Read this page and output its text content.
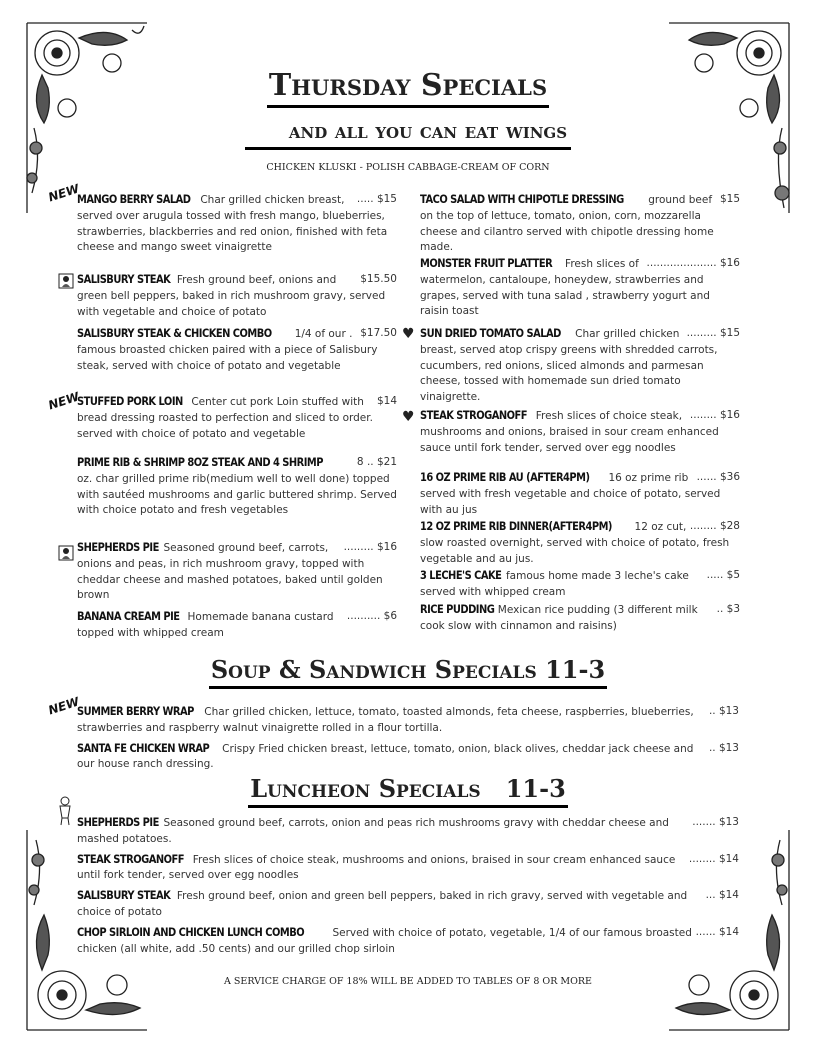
Thursday Specials
and all you can eat wings
CHICKEN KLUSKI - POLISH CABBAGE-CREAM OF CORN
NEW
NEW
NEW
♥
♥
..... $15
MANGO BERRY SALAD Char grilled chicken breast, served over arugula tossed with fresh mango, blueberries, strawberries, blackberries and red onion, finished with feta cheese and mango sweet vinaigrette
$15.50
SALISBURY STEAK Fresh ground beef, onions and green bell peppers, baked in rich mushroom gravy, served with vegetable and choice of potato
$17.50
SALISBURY STEAK & CHICKEN COMBO 1/4 of our . famous broasted chicken paired with a piece of Salisbury steak, served with choice of potato and vegetable
$14
STUFFED PORK LOIN Center cut pork Loin stuffed with bread dressing roasted to perfection and sliced to order. served with choice of potato and vegetable
8 .. $21
PRIME RIB & SHRIMP 8OZ STEAK AND 4 SHRIMP oz. char grilled prime rib(medium well to well done) topped with sautéed mushrooms and garlic buttered shrimp. Served with choice potato and fresh vegetables
......... $16
SHEPHERDS PIE Seasoned ground beef, carrots, onions and peas, in rich mushroom gravy, topped with cheddar cheese and mashed potatoes, baked until golden brown
.......... $6
BANANA CREAM PIE Homemade banana custard topped with whipped cream
$15
TACO SALAD WITH CHIPOTLE DRESSING ground beef on the top of lettuce, tomato, onion, corn, mozzarella cheese and cilantro served with chipotle dressing home made.
..................... $16
MONSTER FRUIT PLATTER Fresh slices of watermelon, cantaloupe, honeydew, strawberries and grapes, served with tuna salad , strawberry yogurt and raisin toast
......... $15
SUN DRIED TOMATO SALAD Char grilled chicken breast, served atop crispy greens with shredded carrots, cucumbers, red onions, sliced almonds and parmesan cheese, tossed with homemade sun dried tomato vinaigrette.
........ $16
STEAK STROGANOFF Fresh slices of choice steak, mushrooms and onions, braised in sour cream enhanced sauce until fork tender, served over egg noodles
...... $36
16 OZ PRIME RIB AU (AFTER4PM) 16 oz prime rib served with fresh vegetable and choice of potato, served with au jus
........ $28
12 OZ PRIME RIB DINNER(AFTER4PM) 12 oz cut, slow roasted overnight, served with choice of potato, fresh vegetable and au jus.
..... $5
3 LECHE'S CAKE famous home made 3 leche's cake served with whipped cream
.. $3
RICE PUDDING Mexican rice pudding (3 different milk cook slow with cinnamon and raisins)
Soup & Sandwich Specials 11-3
.. $13
SUMMER BERRY WRAP Char grilled chicken, lettuce, tomato, toasted almonds, feta cheese, raspberries, blueberries, strawberries and raspberry walnut vinaigrette rolled in a flour tortilla.
.. $13
SANTA FE CHICKEN WRAP Crispy Fried chicken breast, lettuce, tomato, onion, black olives, cheddar jack cheese and our house ranch dressing.
Luncheon Specials   11-3
....... $13
SHEPHERDS PIE Seasoned ground beef, carrots, onion and peas rich mushrooms gravy with cheddar cheese and mashed potatoes.
........ $14
STEAK STROGANOFF Fresh slices of choice steak, mushrooms and onions, braised in sour cream enhanced sauce until fork tender, served over egg noodles
... $14
SALISBURY STEAK Fresh ground beef, onion and green bell peppers, baked in rich gravy, served with vegetable and choice of potato
...... $14
CHOP SIRLOIN AND CHICKEN LUNCH COMBO	Served with choice of potato, vegetable, 1/4 of our famous broasted chicken (all white, add .50 cents) and our grilled chop sirloin
A SERVICE CHARGE OF 18% WILL BE ADDED TO TABLES OF 8 OR MORE
